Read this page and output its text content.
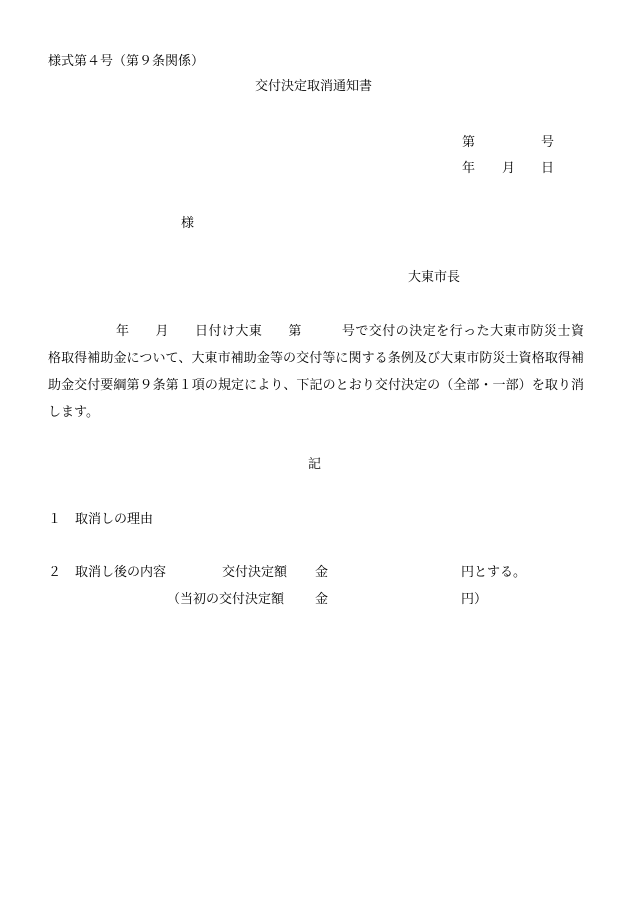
様式第４号（第９条関係）
交付決定取消通知書
第	号
年 月 日
様
大東市長
年 月 日付け大東 第	号で交付の決定を行った大東市防災士資格取得補助金について、大東市補助金等の交付等に関する条例及び大東市防災士資格取得補助金交付要綱第９条第１項の規定により、下記のとおり交付決定の（全部・一部）を取り消します。
記
１ 取消しの理由
２ 取消し後の内容	交付決定額 金	円とする。
（当初の交付決定額 金	円）
